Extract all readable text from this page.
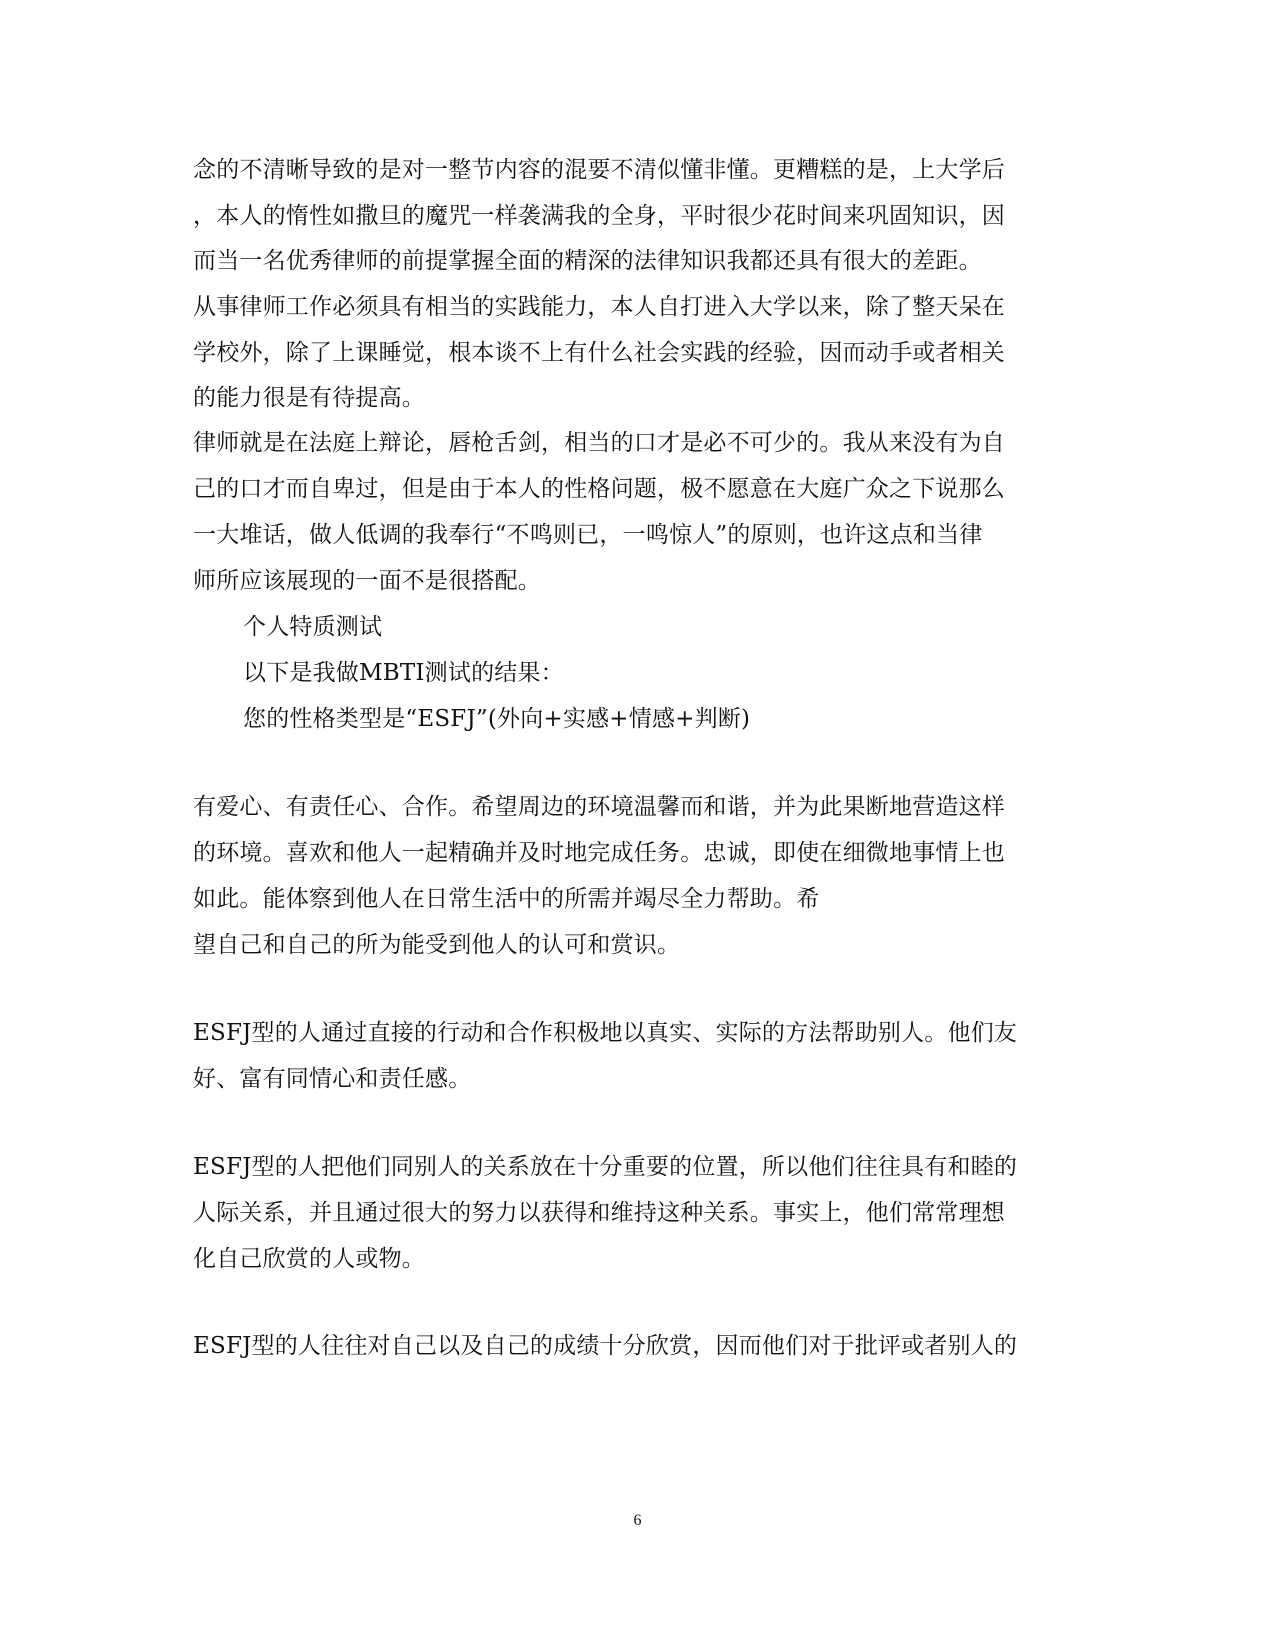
念的不清晰导致的是对一整节内容的混要不清似懂非懂。更糟糕的是，上大学后
，本人的惰性如撒旦的魔咒一样袭满我的全身，平时很少花时间来巩固知识，因
而当一名优秀律师的前提掌握全面的精深的法律知识我都还具有很大的差距。
从事律师工作必须具有相当的实践能力，本人自打进入大学以来，除了整天呆在
学校外，除了上课睡觉，根本谈不上有什么社会实践的经验，因而动手或者相关
的能力很是有待提高。
律师就是在法庭上辩论，唇枪舌剑，相当的口才是必不可少的。我从来没有为自
己的口才而自卑过，但是由于本人的性格问题，极不愿意在大庭广众之下说那么
一大堆话，做人低调的我奉行“不鸣则已，一鸣惊人”的原则，也许这点和当律
师所应该展现的一面不是很搭配。
个人特质测试
以下是我做MBTI测试的结果：
您的性格类型是“ESFJ”(外向+实感+情感+判断)
有爱心、有责任心、合作。希望周边的环境温馨而和谐，并为此果断地营造这样
的环境。喜欢和他人一起精确并及时地完成任务。忠诚，即使在细微地事情上也
如此。能体察到他人在日常生活中的所需并竭尽全力帮助。希
望自己和自己的所为能受到他人的认可和赏识。
ESFJ型的人通过直接的行动和合作积极地以真实、实际的方法帮助别人。他们友
好、富有同情心和责任感。
ESFJ型的人把他们同别人的关系放在十分重要的位置，所以他们往往具有和睦的
人际关系，并且通过很大的努力以获得和维持这种关系。事实上，他们常常理想
化自己欣赏的人或物。
ESFJ型的人往往对自己以及自己的成绩十分欣赏，因而他们对于批评或者别人的
6
